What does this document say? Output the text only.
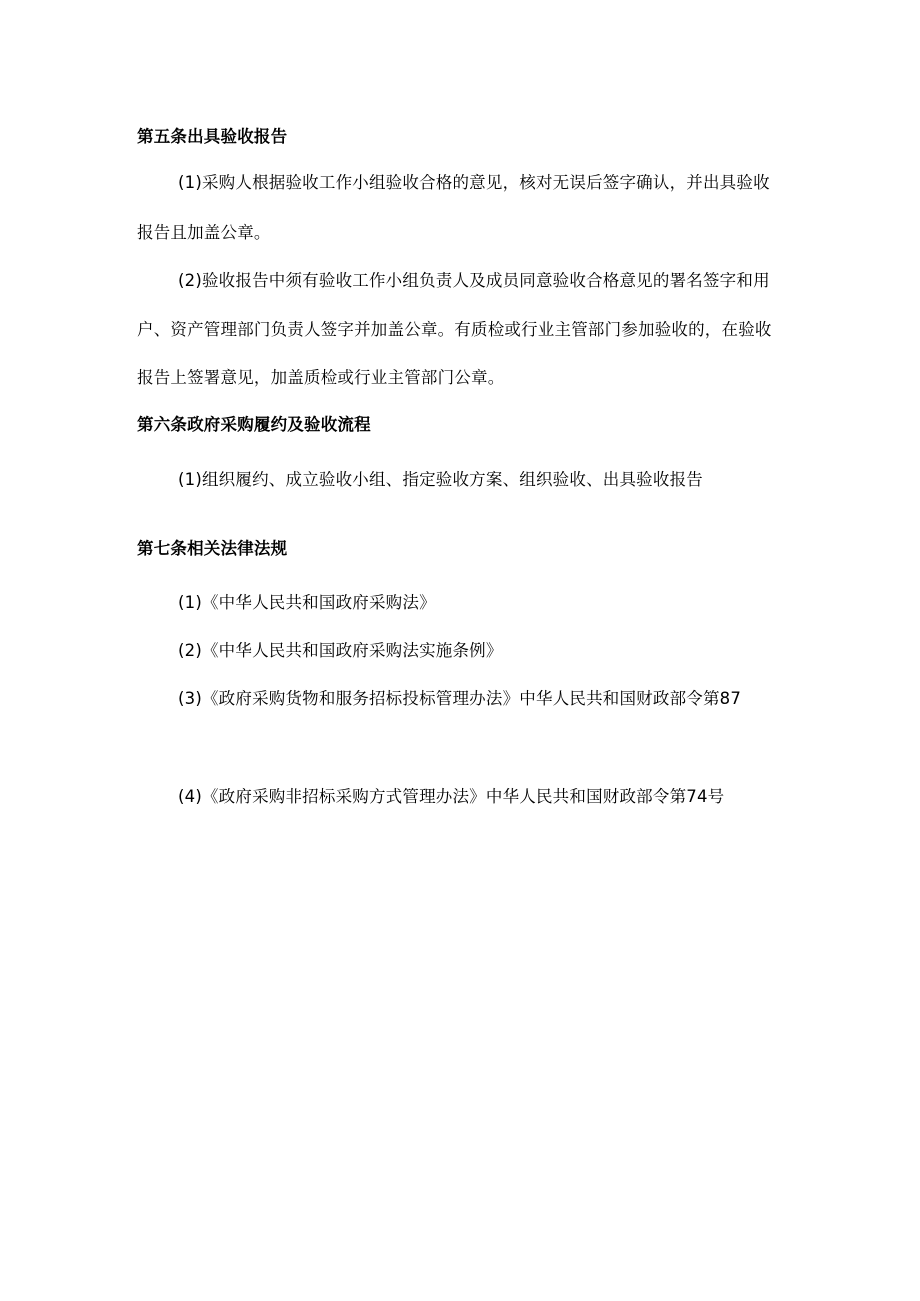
第五条出具验收报告
(1)采购人根据验收工作小组验收合格的意见，核对无误后签字确认，并出具验收
报告且加盖公章。
(2)验收报告中须有验收工作小组负责人及成员同意验收合格意见的署名签字和用
户、资产管理部门负责人签字并加盖公章。有质检或行业主管部门参加验收的，在验收
报告上签署意见，加盖质检或行业主管部门公章。
第六条政府采购履约及验收流程
(1)组织履约、成立验收小组、指定验收方案、组织验收、出具验收报告
第七条相关法律法规
(1)《中华人民共和国政府采购法》
(2)《中华人民共和国政府采购法实施条例》
(3)《政府采购货物和服务招标投标管理办法》中华人民共和国财政部令第87
(4)《政府采购非招标采购方式管理办法》中华人民共和国财政部令第74号
